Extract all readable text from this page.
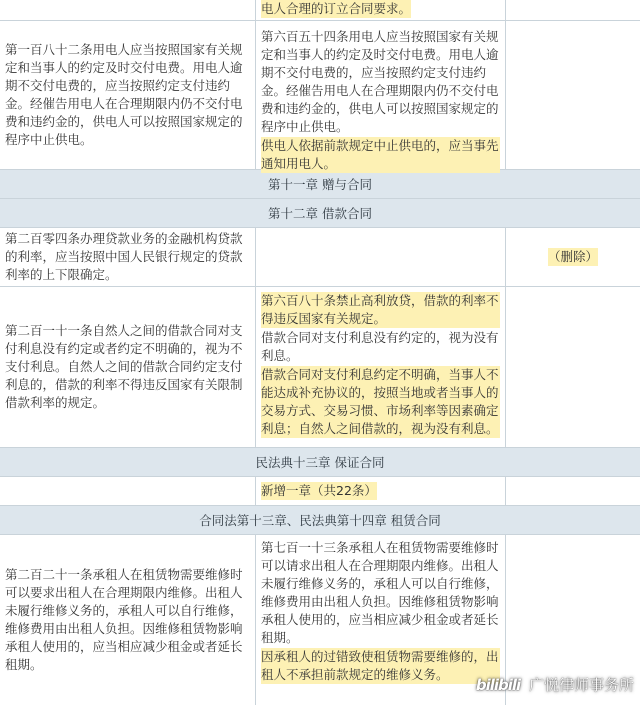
电人合理的订立合同要求。

第一百八十二条用电人应当按照国家有关规定和当事人的约定及时交付电费。用电人逾期不交付电费的，应当按照约定支付违约金。经催告用电人在合理期限内仍不交付电费和违约金的，供电人可以按照国家规定的程序中止供电。

第六百五十四条用电人应当按照国家有关规定和当事人的约定及时交付电费。用电人逾期不交付电费的，应当按照约定支付违约金。经催告用电人在合理期限内仍不交付电费和违约金的，供电人可以按照国家规定的程序中止供电。

供电人依据前款规定中止供电的，应当事先通知用电人。

第十一章 赠与合同
第十二章 借款合同

第二百零四条办理贷款业务的金融机构贷款的利率，应当按照中国人民银行规定的贷款利率的上下限确定。

（删除）

第二百一十一条自然人之间的借款合同对支付利息没有约定或者约定不明确的，视为不支付利息。自然人之间的借款合同约定支付利息的，借款的利率不得违反国家有关限制借款利率的规定。

第六百八十条禁止高利放贷，借款的利率不得违反国家有关规定。

借款合同对支付利息没有约定的，视为没有利息。

借款合同对支付利息约定不明确，当事人不能达成补充协议的，按照当地或者当事人的交易方式、交易习惯、市场利率等因素确定利息；自然人之间借款的，视为没有利息。

民法典十三章 保证合同
新增一章（共22条）
合同法第十三章、民法典第十四章 租赁合同

第二百二十一条承租人在租赁物需要维修时可以要求出租人在合理期限内维修。出租人未履行维修义务的，承租人可以自行维修，维修费用由出租人负担。因维修租赁物影响承租人使用的，应当相应减少租金或者延长租期。

第七百一十三条承租人在租赁物需要维修时可以请求出租人在合理期限内维修。出租人未履行维修义务的，承租人可以自行维修，维修费用由出租人负担。因维修租赁物影响承租人使用的，应当相应减少租金或者延长租期。

因承租人的过错致使租赁物需要维修的，出租人不承担前款规定的维修义务。

bilibili 广悦律师事务所
